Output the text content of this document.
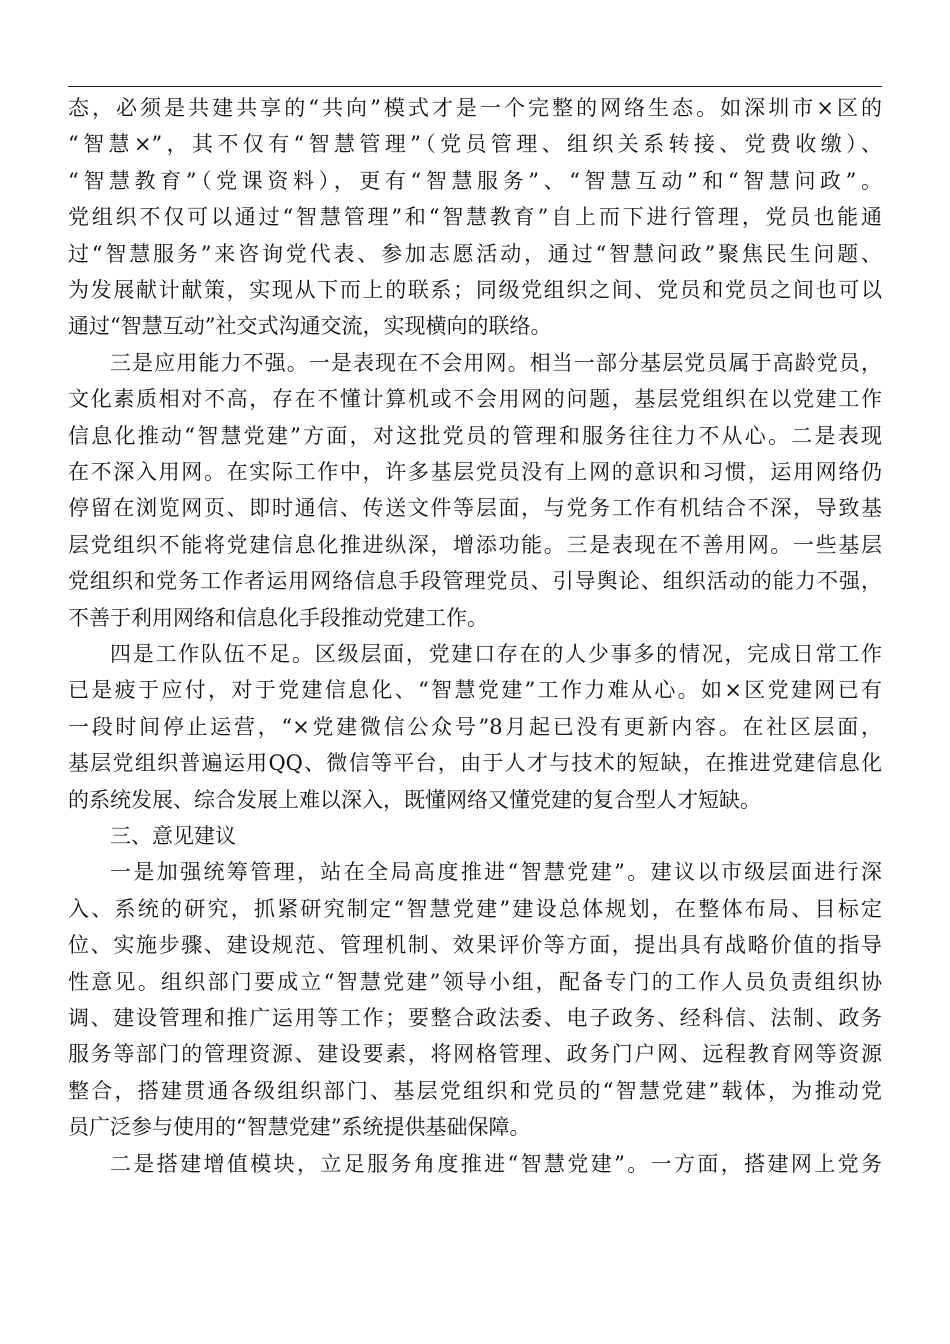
态，必须是共建共享的“共向”模式才是一个完整的网络生态。如深圳市×区的
“智慧×”，其不仅有“智慧管理”（党员管理、组织关系转接、党费收缴）、
“智慧教育”（党课资料），更有“智慧服务”、“智慧互动”和“智慧问政”。
党组织不仅可以通过“智慧管理”和“智慧教育”自上而下进行管理，党员也能通
过“智慧服务”来咨询党代表、参加志愿活动，通过“智慧问政”聚焦民生问题、
为发展献计献策，实现从下而上的联系；同级党组织之间、党员和党员之间也可以
通过“智慧互动”社交式沟通交流，实现横向的联络。
三是应用能力不强。一是表现在不会用网。相当一部分基层党员属于高龄党员，
文化素质相对不高，存在不懂计算机或不会用网的问题，基层党组织在以党建工作
信息化推动“智慧党建”方面，对这批党员的管理和服务往往力不从心。二是表现
在不深入用网。在实际工作中，许多基层党员没有上网的意识和习惯，运用网络仍
停留在浏览网页、即时通信、传送文件等层面，与党务工作有机结合不深，导致基
层党组织不能将党建信息化推进纵深，增添功能。三是表现在不善用网。一些基层
党组织和党务工作者运用网络信息手段管理党员、引导舆论、组织活动的能力不强，
不善于利用网络和信息化手段推动党建工作。
四是工作队伍不足。区级层面，党建口存在的人少事多的情况，完成日常工作
已是疲于应付，对于党建信息化、“智慧党建”工作力难从心。如×区党建网已有
一段时间停止运营，“×党建微信公众号”8月起已没有更新内容。在社区层面，
基层党组织普遍运用QQ、微信等平台，由于人才与技术的短缺，在推进党建信息化
的系统发展、综合发展上难以深入，既懂网络又懂党建的复合型人才短缺。
三、意见建议
一是加强统筹管理，站在全局高度推进“智慧党建”。建议以市级层面进行深
入、系统的研究，抓紧研究制定“智慧党建”建设总体规划，在整体布局、目标定
位、实施步骤、建设规范、管理机制、效果评价等方面，提出具有战略价值的指导
性意见。组织部门要成立“智慧党建”领导小组，配备专门的工作人员负责组织协
调、建设管理和推广运用等工作；要整合政法委、电子政务、经科信、法制、政务
服务等部门的管理资源、建设要素，将网格管理、政务门户网、远程教育网等资源
整合，搭建贯通各级组织部门、基层党组织和党员的“智慧党建”载体，为推动党
员广泛参与使用的“智慧党建”系统提供基础保障。
二是搭建增值模块，立足服务角度推进“智慧党建”。一方面，搭建网上党务
